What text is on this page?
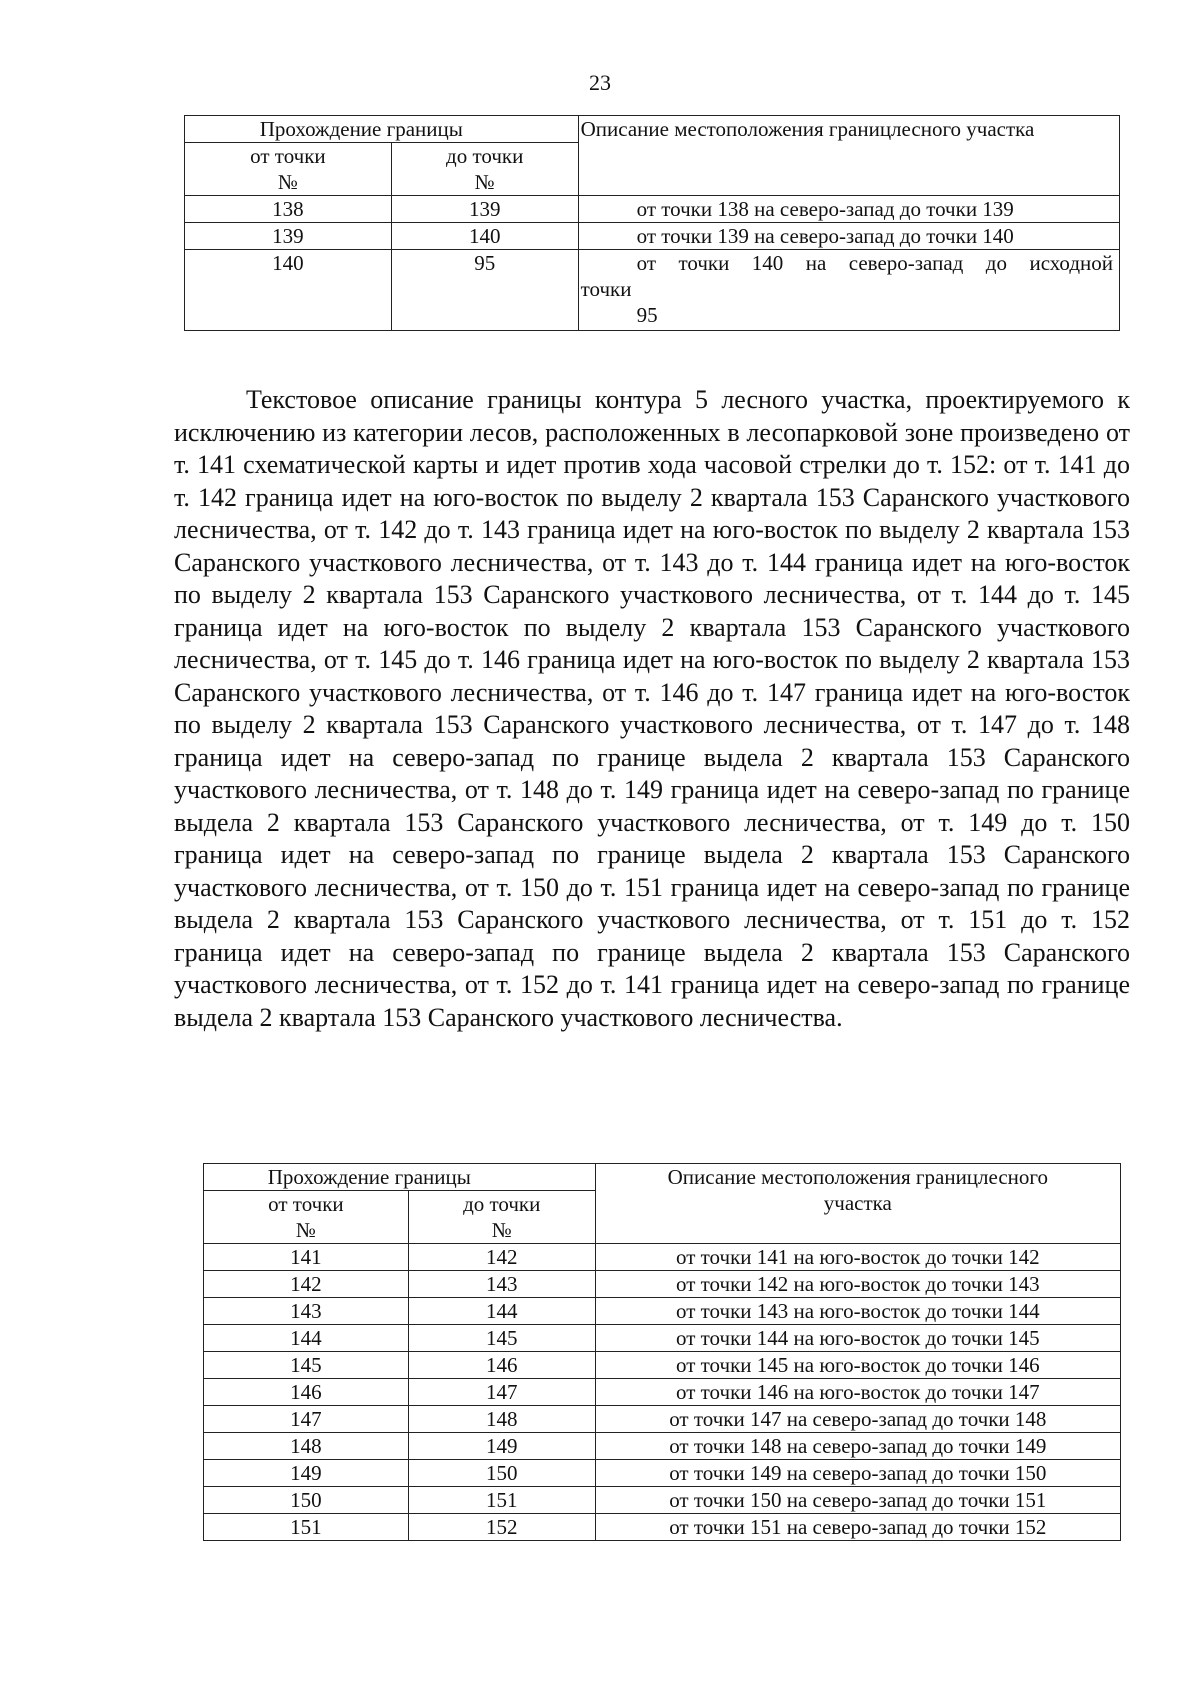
23
Прохождение границы		Описание местоположения границлесного участка

от точки
№	до точки
№	

138	139	от точки 138 на северо-запад до точки 139
139	140	от точки 139 на северо-запад до точки 140
140	95	от точки 140 на северо-запад до исходной
точки
95

Текстовое описание границы контура 5 лесного участка, проектируемого к исключению из категории лесов, расположенных в лесопарковой зоне произведено от т. 141 схематической карты и идет против хода часовой стрелки до т. 152: от т. 141 до т. 142 граница идет на юго-восток по выделу 2 квартала 153 Саранского участкового лесничества, от т. 142 до т. 143 граница идет на юго-восток по выделу 2 квартала 153 Саранского участкового лесничества, от т. 143 до т. 144 граница идет на юго-восток по выделу 2 квартала 153 Саранского участкового лесничества, от т. 144 до т. 145 граница идет на юго-восток по выделу 2 квартала 153 Саранского участкового лесничества, от т. 145 до т. 146 граница идет на юго-восток по выделу 2 квартала 153 Саранского участкового лесничества, от т. 146 до т. 147 граница идет на юго-восток по выделу 2 квартала 153 Саранского участкового лесничества, от т. 147 до т. 148 граница идет на северо-запад по границе выдела 2 квартала 153 Саранского участкового лесничества, от т. 148 до т. 149 граница идет на северо-запад по границе выдела 2 квартала 153 Саранского участкового лесничества, от т. 149 до т. 150 граница идет на северо-запад по границе выдела 2 квартала 153 Саранского участкового лесничества, от т. 150 до т. 151 граница идет на северо-запад по границе выдела 2 квартала 153 Саранского участкового лесничества, от т. 151 до т. 152 граница идет на северо-запад по границе выдела 2 квартала 153 Саранского участкового лесничества, от т. 152 до т. 141 граница идет на северо-запад по границе выдела 2 квартала 153 Саранского участкового лесничества.

Прохождение границы		Описание местоположения границлесного
участка

от точки
№	до точки
№	

141	142	от точки 141 на юго-восток до точки 142
142	143	от точки 142 на юго-восток до точки 143
143	144	от точки 143 на юго-восток до точки 144
144	145	от точки 144 на юго-восток до точки 145
145	146	от точки 145 на юго-восток до точки 146
146	147	от точки 146 на юго-восток до точки 147
147	148	от точки 147 на северо-запад до точки 148
148	149	от точки 148 на северо-запад до точки 149
149	150	от точки 149 на северо-запад до точки 150
150	151	от точки 150 на северо-запад до точки 151
151	152	от точки 151 на северо-запад до точки 152
